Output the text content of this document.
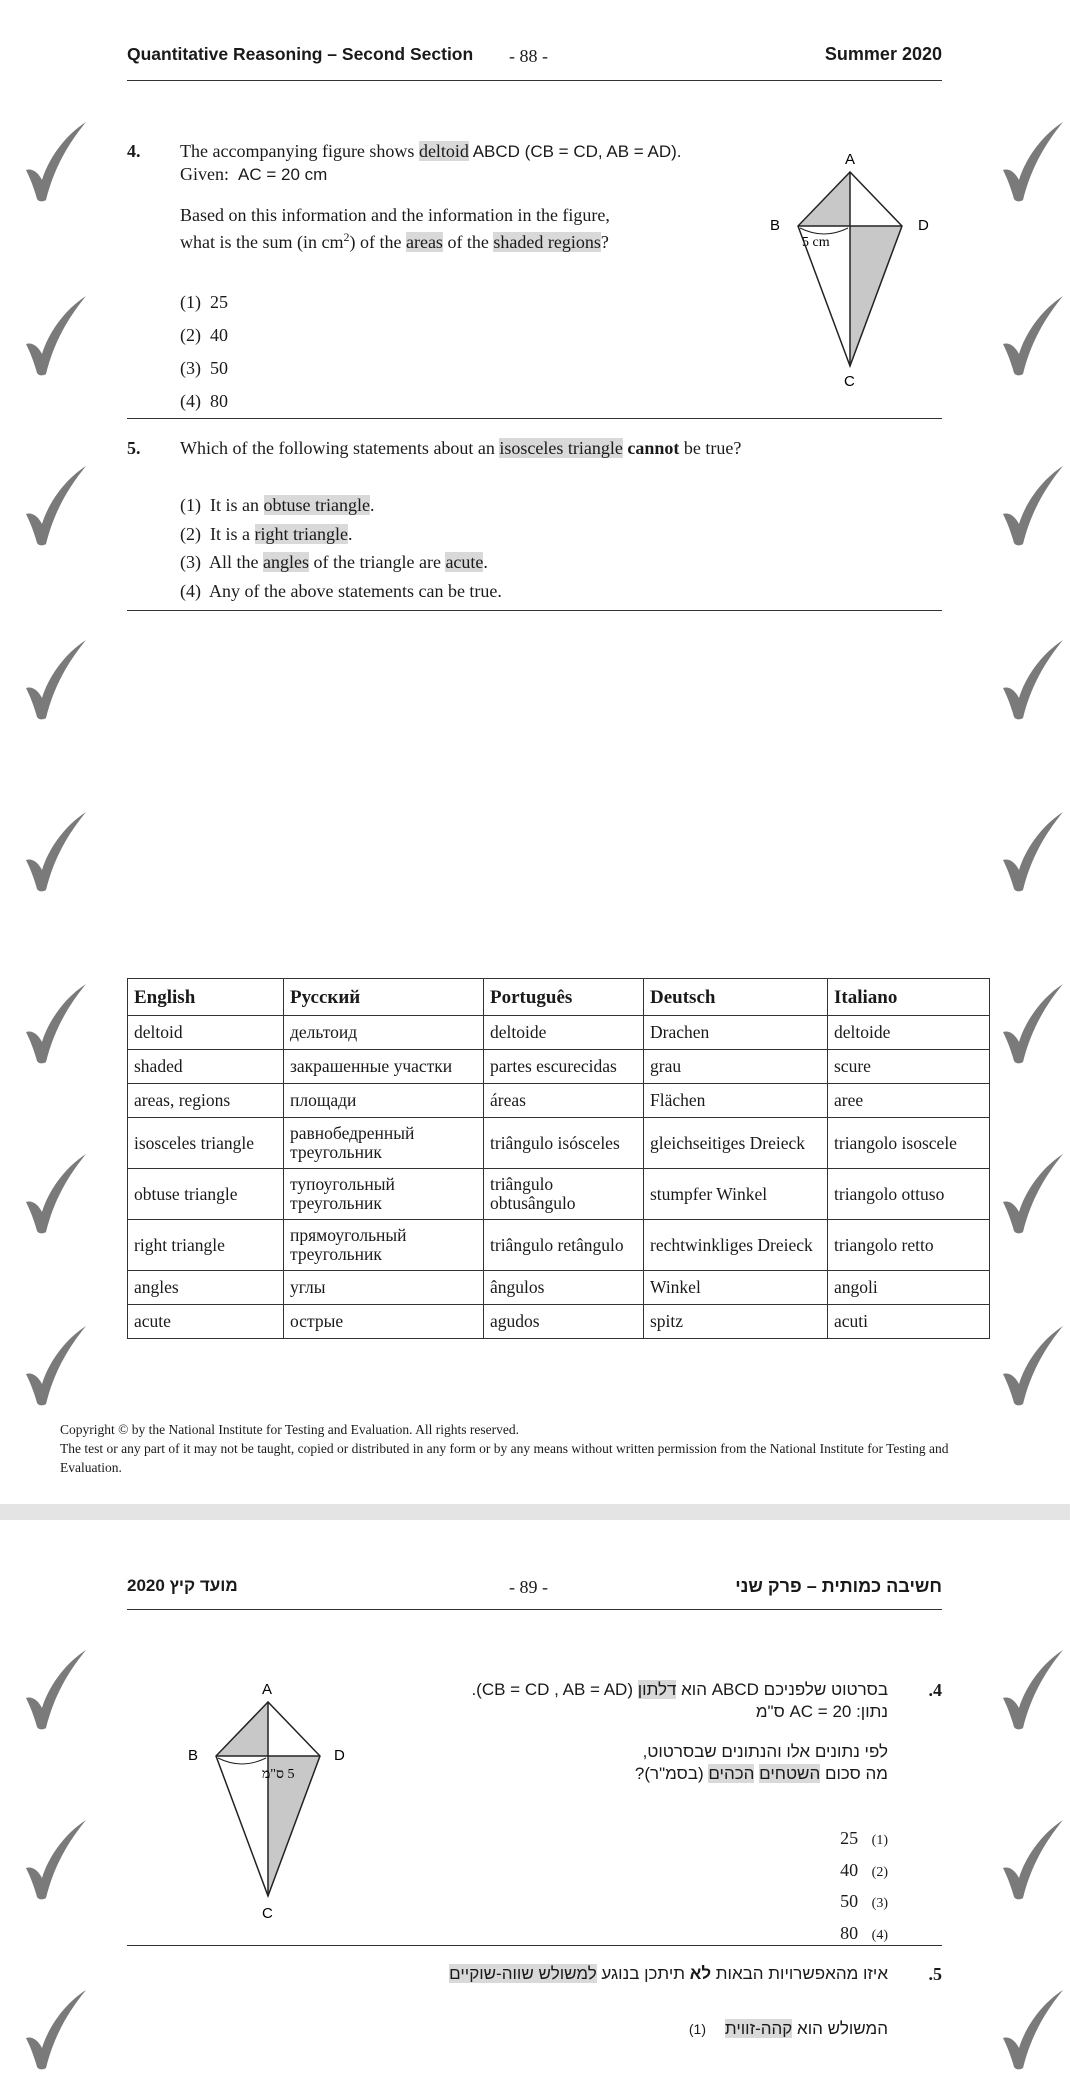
Quantitative Reasoning – Second Section - 88 -	Summer 2020
4. The accompanying figure shows deltoid ABCD (CB = CD, AB = AD).
Given: AC = 20 cm
Based on this information and the information in the figure,
what is the sum (in $cm^2$) of the areas of the shaded regions?
(1) 25
(2) 40
(3) 50
(4) 80
A
B	D
C
5 cm
5. Which of the following statements about an isosceles triangle cannot be true?
(1) It is an obtuse triangle.
(2) It is a right triangle.
(3) All the angles of the triangle are acute.
(4) Any of the above statements can be true.
English	Русский	Português	Deutsch	Italiano
deltoid	дельтоид	deltoide	Drachen	deltoide
shaded	закрашенные участки	partes escurecidas	grau	scure
areas, regions	площади	áreas	Flächen	aree
isosceles triangle	равнобедренный треугольник	triângulo isósceles	gleichseitiges Dreieck	triangolo isoscele
obtuse triangle	тупоугольный треугольник	triângulo obtusângulo	stumpfer Winkel	triangolo ottuso
right triangle	прямоугольный треугольник	triângulo retângulo	rechtwinkliges Dreieck	triangolo retto
angles	углы	ângulos	Winkel	angoli
acute	острые	agudos	spitz	acuti
Copyright © by the National Institute for Testing and Evaluation. All rights reserved.
The test or any part of it may not be taught, copied or distributed in any form or by any means without written permission from the National Institute for Testing and Evaluation.
מועד קיץ 2020	- 89 -	חשיבה כמותית – פרק שני
.4
בסרטוט שלפניכם ABCD הוא דלתון (CB = CD , AB = AD).
נתון: AC = 20 ס"מ
לפי נתונים אלו והנתונים שבסרטוט,
מה סכום השטחים הכהים (בסמ"ר)?
25 (1)
40 (2)
50 (3)
80 (4)
A
B	D
C
5 ס"מ
.5
איזו מהאפשרויות הבאות לא תיתכן בנוגע למשולש שווה-שוקיים
המשולש הוא קהה-זווית    (1)
